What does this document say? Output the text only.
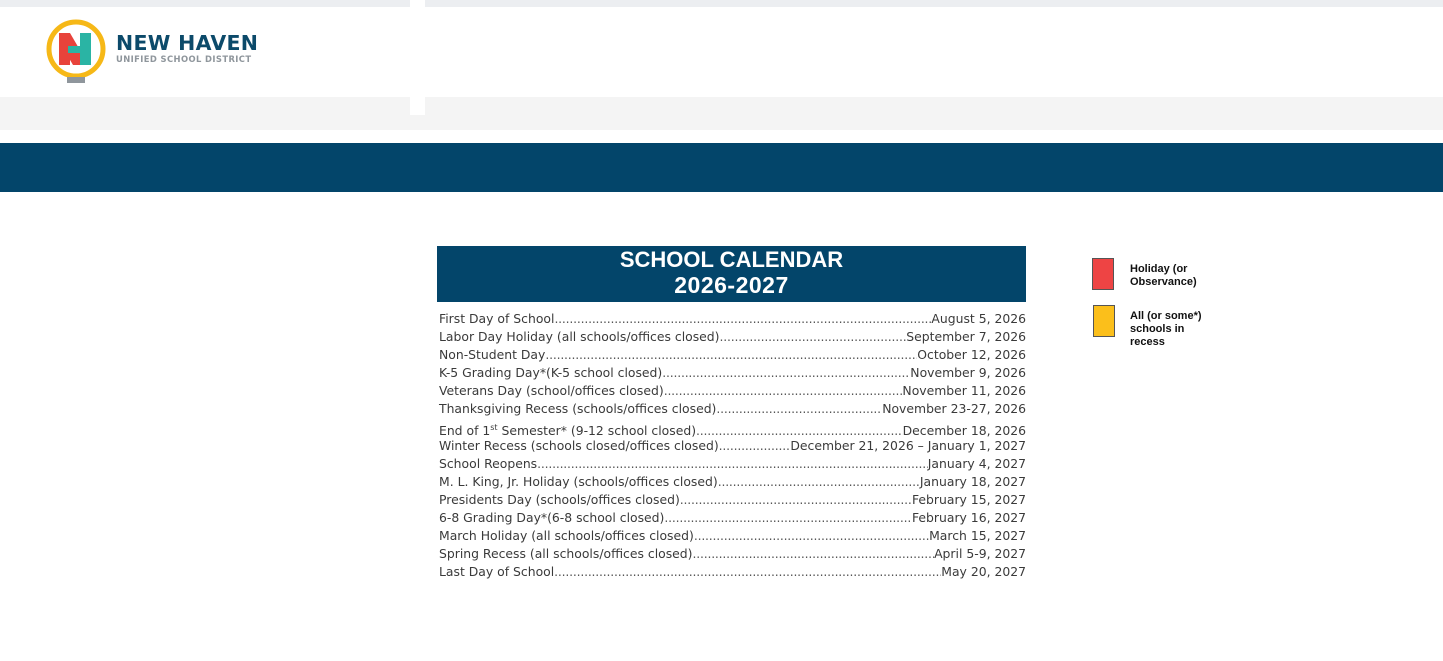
NEW HAVEN
UNIFIED SCHOOL DISTRICT
SCHOOL CALENDAR
2026-2027
First Day of School .....	August 5, 2026
Labor Day Holiday (all schools/offices closed) .....	September 7, 2026
Non-Student Day .....	October 12, 2026
K-5 Grading Day*(K-5 school closed) .....	November 9, 2026
Veterans Day (school/offices closed) .....	November 11, 2026
Thanksgiving Recess (schools/offices closed) .....	November 23-27, 2026
End of 1st Semester* (9-12 school closed) .....	December 18, 2026
Winter Recess (schools closed/offices closed) .....	December 21, 2026 – January 1, 2027
School Reopens .....	January 4, 2027
M. L. King, Jr. Holiday (schools/offices closed) .....	January 18, 2027
Presidents Day (schools/offices closed) .....	February 15, 2027
6-8 Grading Day*(6-8 school closed) .....	February 16, 2027
March Holiday (all schools/offices closed) .....	March 15, 2027
Spring Recess (all schools/offices closed) .....	April 5-9, 2027
Last Day of School .....	May 20, 2027
Holiday (or
Observance)
All (or some*)
schools in
recess
